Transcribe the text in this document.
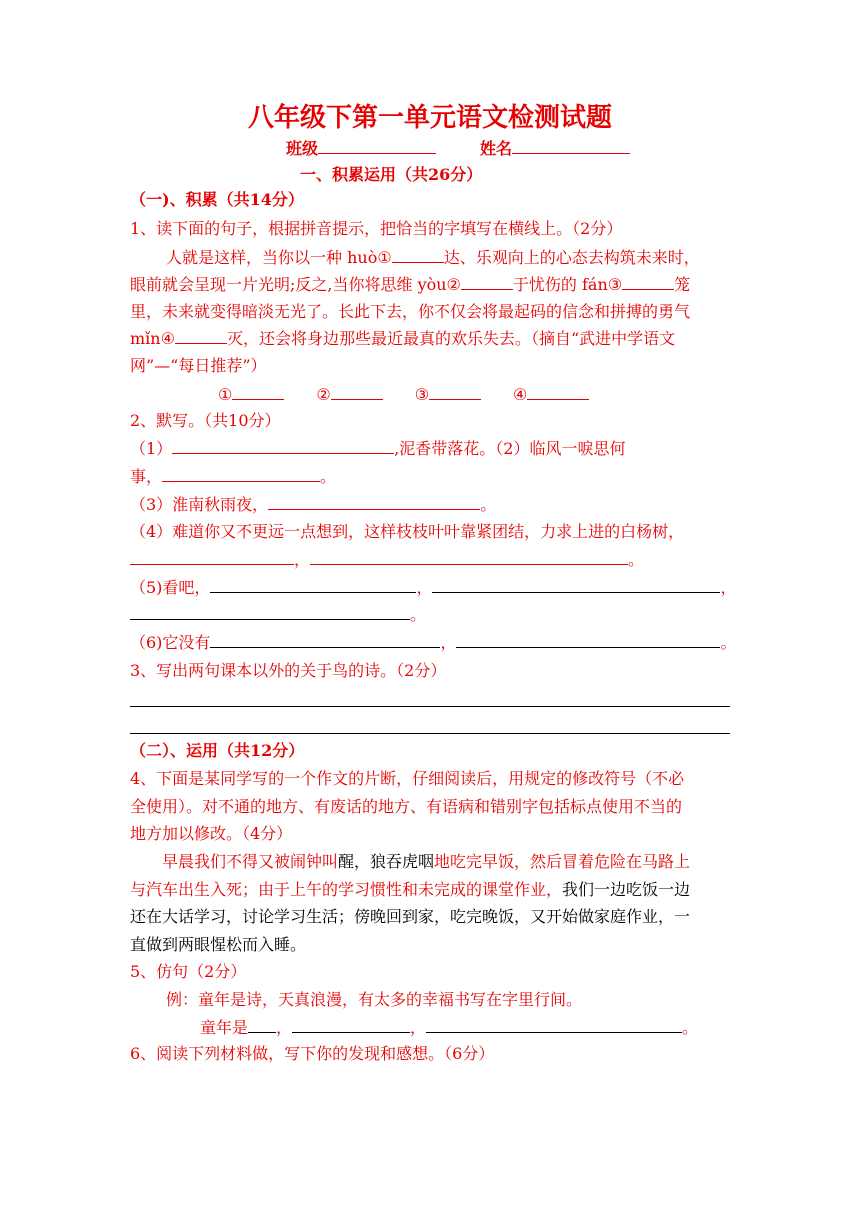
八年级下第一单元语文检测试题
班级	姓名
一、积累运用（共26分）
（一)、积累（共14分）
1、读下面的句子，根据拼音提示，把恰当的字填写在横线上。（2分）
人就是这样，当你以一种 huò①	达、乐观向上的心态去构筑未来时，
眼前就会呈现一片光明;反之,当你将思维 yòu②	于忧伤的 fán③	笼
里，未来就变得暗淡无光了。长此下去，你不仅会将最起码的信念和拼搏的勇气
mǐn④	灭，还会将身边那些最近最真的欢乐失去。（摘自“武进中学语文
网”—“每日推荐”）
①	②	③	④
2、默写。（共10分）
（1）	,泥香带落花。（2）临风一唳思何
事，	。
（3）淮南秋雨夜，	。
（4）难道你又不更远一点想到，这样枝枝叶叶靠紧团结，力求上进的白杨树，
，	。
（5)看吧，	，	，
。
（6)它没有	，	。
3、写出两句课本以外的关于鸟的诗。（2分）
（二）、运用（共12分）
4、下面是某同学写的一个作文的片断，仔细阅读后，用规定的修改符号（不必
全使用）。对不通的地方、有废话的地方、有语病和错别字包括标点使用不当的
地方加以修改。（4分）
早晨我们不得又被闹钟叫醒，狼吞虎咽地吃完早饭，然后冒着危险在马路上
与汽车出生入死；由于上午的学习惯性和未完成的课堂作业，我们一边吃饭一边
还在大话学习，讨论学习生活；傍晚回到家，吃完晚饭，又开始做家庭作业，一
直做到两眼惺松而入睡。
5、仿句（2分）
例：童年是诗，天真浪漫，有太多的幸福书写在字里行间。
童年是 ，	，	。
6、阅读下列材料做，写下你的发现和感想。（6分）
